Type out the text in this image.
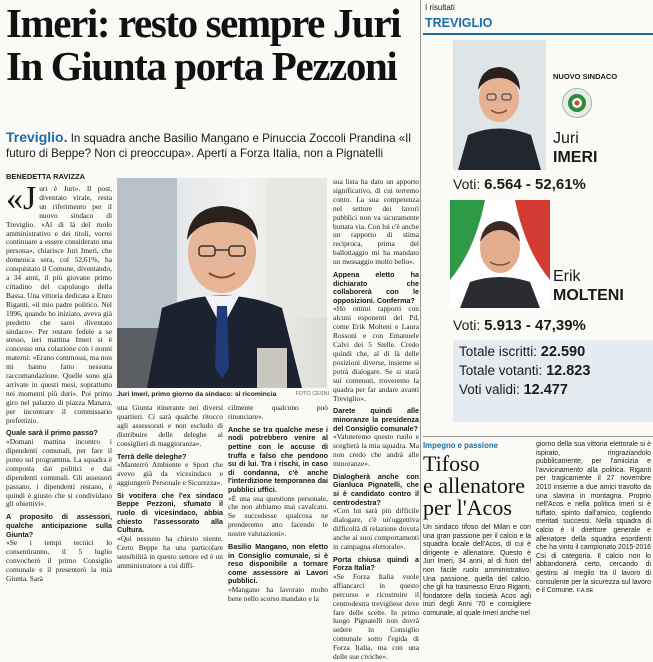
Imeri: resto sempre Juri
In Giunta porta Pezzoni
Treviglio. In squadra anche Basilio Mangano e Pinuccia Zoccoli Prandina «Il futuro di Beppe? Non ci preoccupa». Aperti a Forza Italia, non a Pignatelli
BENEDETTA RAVIZZA

«Juri è Juri». Il post, diventato virale, resta un riferimento per il nuovo sindaco di Treviglio. «Al di là del ruolo amministrativo e dei titoli, vorrei continuare a essere considerato una persona», chiarisce Juri Imeri, che domenica sera, col 52,61%, ha conquistato il Comune, diventando, a 34 anni, il più giovane primo cittadino del capoluogo della Bassa. Una vittoria dedicata a Enzo Riganti, «il mio padre politico. Nel 1996, quando ho iniziato, aveva già predetto che sarei diventato sindaco». Per restare fedele a se stesso, ieri mattina Imeri si è concesso una colazione con i nonni materni: «Erano commossi, ma non mi hanno fatto nessuna raccomandazione. Quelle sono già arrivate in questi mesi, soprattutto nei momenti più duri». Poi primo giro nel palazzo di piazza Manara, per incontrare il commissario prefettizio.

Quale sarà il primo passo?

«Domani mattina incontro i dipendenti comunali, per fare il punto sul programma. La squadra è composta dai politici e dai dipendenti comunali. Gli assessori passano, i dipendenti restano, è quindi è giusto che si condividano gli obiettivi».

A proposito di assessori, qualche anticipazione sulla Giunta?

«Se i tempi tecnici lo consentiranno, il 5 luglio convocherò il primo Consiglio comunale e il presenterò la mia Giunta. Sarà

Juri Imeri, primo giorno da sindaco: si ricomincia	FOTO CESNI

una Giunta itinerante nei diversi quartieri. Ci sarà qualche ritocco agli assessorati e non escludo di distribuire delle deleghe ai consiglieri di maggioranza».

Terrà delle deleghe?

«Manterrò Ambiente e Sport che avevo già da vicesindaco e aggiungerò Personale e Sicurezza».

Si vocifera che l'ex sindaco Beppe Pezzoni, sfumato il ruolo di vicesindaco, abbia chiesto l'assessorato alla Cultura.

«Qui nessuno ha chiesto niente. Certo Beppe ha una particolare sensibilità in questo settore ed è un amministratore a cui diffi-

cilmente qualcuno può rinunciare».

Anche se tra qualche mese i nodi potrebbero venire al pettine con le accuse di truffa e falso che pendono su di lui. Tra i rischi, in caso di condanna, c'è anche l'interdizione temporanea dai pubblici uffici.

«È una sua questione personale, che non abbiamo mai cavalcato. Se succedesse qualcosa ne prenderemo atto facendo le nostre valutazioni».

Basilio Mangano, non eletto in Consiglio comunale, si è reso disponibile a tornare come assessore ai Lavori pubblici.

«Mangano ha lavorato molto bene nello scorso mandato e la

sua lista ha dato un apporto significativo, di cui terremo conto. La sua competenza nel settore dei lavori pubblici non va sicuramente buttata via. Con lui c'è anche un rapporto di stima reciproca, prima del ballottaggio mi ha mandato un messaggio molto bello».

Appena eletto ha dichiarato che collaborerà con le opposizioni. Conferma?

«Ho ottimi rapporti con alcuni esponenti del Pd, come Erik Molteni e Laura Rossoni e con Emanuele Calvi dei 5 Stelle. Credo quindi che, al di là delle posizioni diverse, insieme si potrà dialogare. Se si starà sui contenuti, troveremo la quadra per far andare avanti Treviglio».

Darete quindi alle minoranze la presidenza del Consiglio comunale?

«Valuteremo questo ruolo e sceglierà la mia squadra. Ma non credo che andrà alle minoranze».

Dialogherà anche con Gianluca Pignatelli, che si è candidato contro il centrodestra?

«Con lui sarà più difficile dialogare, c'è un'oggettiva difficoltà di relazione dovuta anche ai suoi comportamenti in campagna elettorale».

Porta chiusa quindi a Forza Italia?

«Se Forza Italia vuole affiancarci in questo percorso e ricostruire il centrodestra trevigliese deve fare delle scelte. In primo luogo Pignatelli non dovrà sedere in Consiglio comunale sotto l'egida di Forza Italia, ma con una delle sue civiche».

I risultati
TREVIGLIO
NUOVO SINDACO
Juri
IMERI
Voti: 6.564 - 52,61%
Erik
MOLTENI
Voti: 5.913 - 47,39%
Totale iscritti: 22.590
Totale votanti: 12.823
Voti validi: 12.477
Impegno e passione
Tifoso
e allenatore
per l'Acos
Un sindaco tifoso del Milan e con una gran passione per il calcio e la squadra locale dell'Acos, di cui è dirigente e allenatore. Questo è Juri Imeri, 34 anni, al di fuori del non facile ruolo amministrativo. Una passione, quella del calcio, che gli ha trasmesso Enzo Riganti, fondatore della società Acos agli inizi degli Anni '70 e consigliere comunale, al quale Imeri anche nel
giorno della sua vittoria elettorale si è ispirato, ringraziandolo pubblicamente, per l'amicizia e l'avvicinamento alla politica. Riganti per tragicamente il 27 novembre 2010 insieme a due amici travolto da una slavina in montagna. Proprio nell'Acos e nella politica Imeri si è tuffato, spinto dall'amico, cogliendo meritati successi. Nella squadra di calcio è il direttore generale e allenatore della squadra esordienti che ha vinto il campionato 2015-2016 Csi di categoria. Il calcio non lo abbandonerà certo, cercando di gestirsi al meglio tra il lavoro di consulente per la sicurezza sul lavoro e il Comune. F.A.BE
